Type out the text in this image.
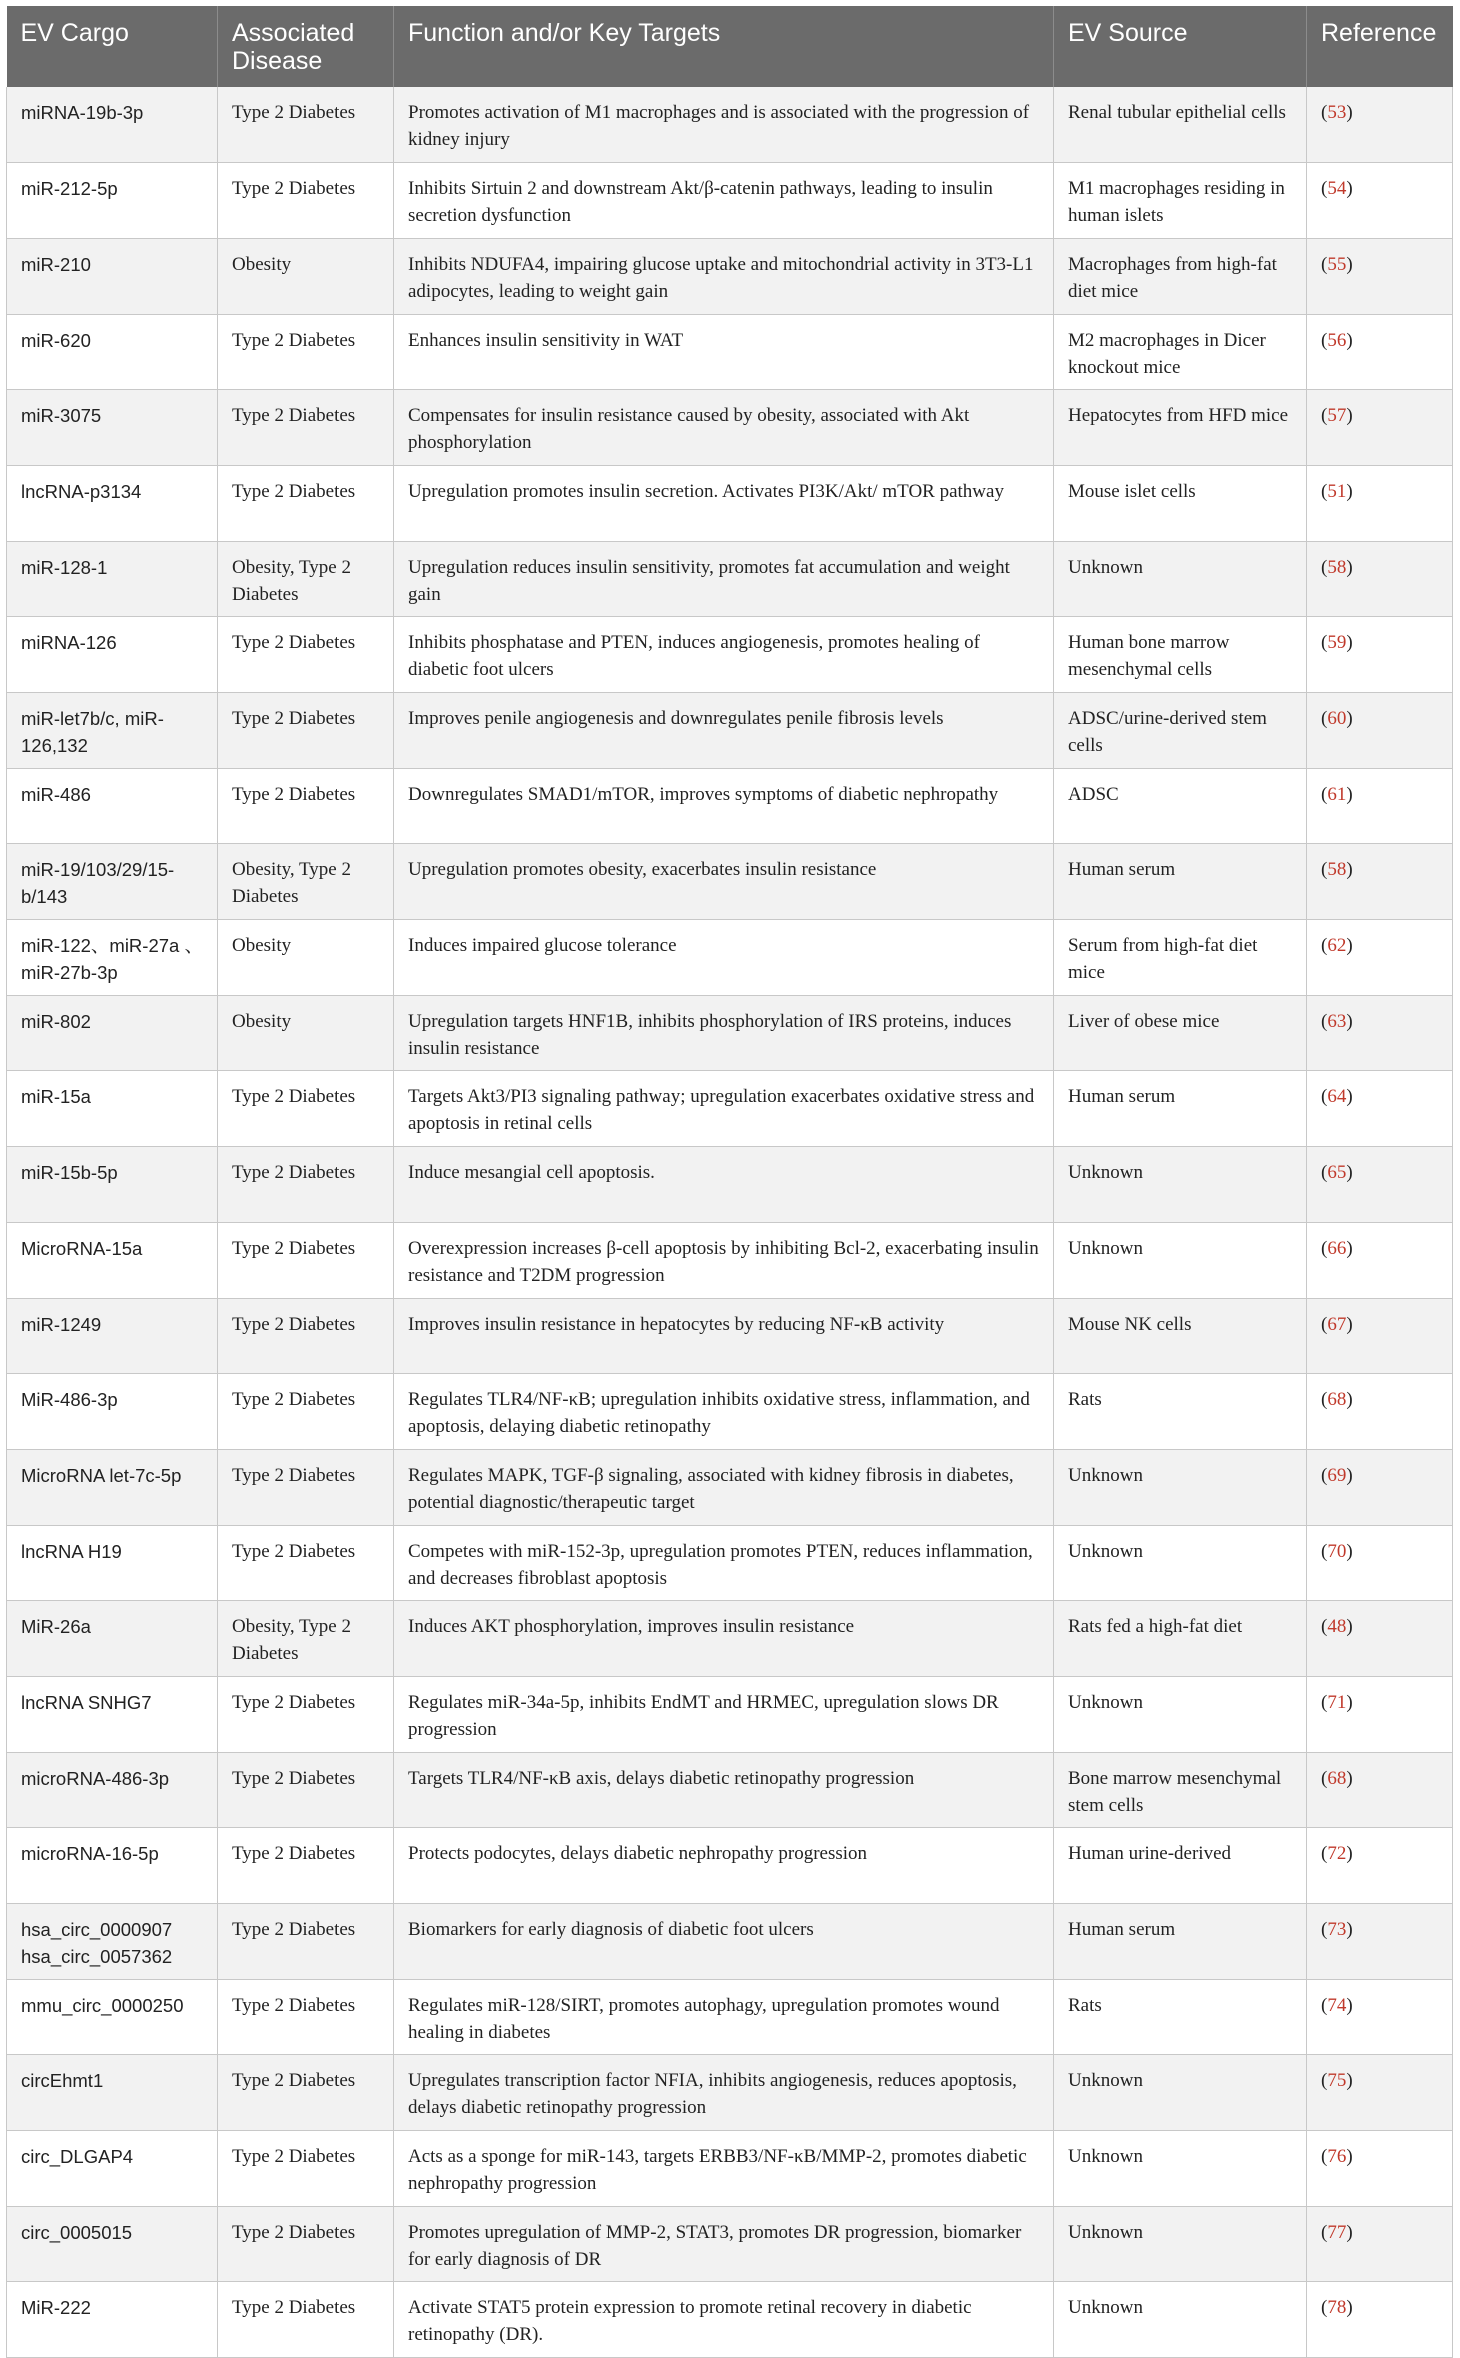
EV Cargo	Associated Disease	Function and/or Key Targets	EV Source	Reference
miRNA-19b-3p	Type 2 Diabetes	Promotes activation of M1 macrophages and is associated with the progression of kidney injury	Renal tubular epithelial cells	(53)
miR-212-5p	Type 2 Diabetes	Inhibits Sirtuin 2 and downstream Akt/β-catenin pathways, leading to insulin secretion dysfunction	M1 macrophages residing in human islets	(54)
miR-210	Obesity	Inhibits NDUFA4, impairing glucose uptake and mitochondrial activity in 3T3-L1 adipocytes, leading to weight gain	Macrophages from high-fat diet mice	(55)
miR-620	Type 2 Diabetes	Enhances insulin sensitivity in WAT	M2 macrophages in Dicer knockout mice	(56)
miR-3075	Type 2 Diabetes	Compensates for insulin resistance caused by obesity, associated with Akt phosphorylation	Hepatocytes from HFD mice	(57)
lncRNA-p3134	Type 2 Diabetes	Upregulation promotes insulin secretion. Activates PI3K/Akt/ mTOR pathway	Mouse islet cells	(51)
miR-128-1	Obesity, Type 2 Diabetes	Upregulation reduces insulin sensitivity, promotes fat accumulation and weight gain	Unknown	(58)
miRNA-126	Type 2 Diabetes	Inhibits phosphatase and PTEN, induces angiogenesis, promotes healing of diabetic foot ulcers	Human bone marrow mesenchymal cells	(59)
miR-let7b/c, miR-126,132	Type 2 Diabetes	Improves penile angiogenesis and downregulates penile fibrosis levels	ADSC/urine-derived stem cells	(60)
miR-486	Type 2 Diabetes	Downregulates SMAD1/mTOR, improves symptoms of diabetic nephropathy	ADSC	(61)
miR-19/103/29/15-b/143	Obesity, Type 2 Diabetes	Upregulation promotes obesity, exacerbates insulin resistance	Human serum	(58)
miR-122、miR-27a 、miR-27b-3p	Obesity	Induces impaired glucose tolerance	Serum from high-fat diet mice	(62)
miR-802	Obesity	Upregulation targets HNF1B, inhibits phosphorylation of IRS proteins, induces insulin resistance	Liver of obese mice	(63)
miR-15a	Type 2 Diabetes	Targets Akt3/PI3 signaling pathway; upregulation exacerbates oxidative stress and apoptosis in retinal cells	Human serum	(64)
miR-15b-5p	Type 2 Diabetes	Induce mesangial cell apoptosis.	Unknown	(65)
MicroRNA-15a	Type 2 Diabetes	Overexpression increases β-cell apoptosis by inhibiting Bcl-2, exacerbating insulin resistance and T2DM progression	Unknown	(66)
miR-1249	Type 2 Diabetes	Improves insulin resistance in hepatocytes by reducing NF-κB activity	Mouse NK cells	(67)
MiR-486-3p	Type 2 Diabetes	Regulates TLR4/NF-κB; upregulation inhibits oxidative stress, inflammation, and apoptosis, delaying diabetic retinopathy	Rats	(68)
MicroRNA let-7c-5p	Type 2 Diabetes	Regulates MAPK, TGF-β signaling, associated with kidney fibrosis in diabetes, potential diagnostic/therapeutic target	Unknown	(69)
lncRNA H19	Type 2 Diabetes	Competes with miR-152-3p, upregulation promotes PTEN, reduces inflammation, and decreases fibroblast apoptosis	Unknown	(70)
MiR-26a	Obesity, Type 2 Diabetes	Induces AKT phosphorylation, improves insulin resistance	Rats fed a high-fat diet	(48)
lncRNA SNHG7	Type 2 Diabetes	Regulates miR-34a-5p, inhibits EndMT and HRMEC, upregulation slows DR progression	Unknown	(71)
microRNA-486-3p	Type 2 Diabetes	Targets TLR4/NF-κB axis, delays diabetic retinopathy progression	Bone marrow mesenchymal stem cells	(68)
microRNA-16-5p	Type 2 Diabetes	Protects podocytes, delays diabetic nephropathy progression	Human urine-derived	(72)
hsa_circ_0000907 hsa_circ_0057362	Type 2 Diabetes	Biomarkers for early diagnosis of diabetic foot ulcers	Human serum	(73)
mmu_circ_0000250	Type 2 Diabetes	Regulates miR-128/SIRT, promotes autophagy, upregulation promotes wound healing in diabetes	Rats	(74)
circEhmt1	Type 2 Diabetes	Upregulates transcription factor NFIA, inhibits angiogenesis, reduces apoptosis, delays diabetic retinopathy progression	Unknown	(75)
circ_DLGAP4	Type 2 Diabetes	Acts as a sponge for miR-143, targets ERBB3/NF-κB/MMP-2, promotes diabetic nephropathy progression	Unknown	(76)
circ_0005015	Type 2 Diabetes	Promotes upregulation of MMP-2, STAT3, promotes DR progression, biomarker for early diagnosis of DR	Unknown	(77)
MiR-222	Type 2 Diabetes	Activate STAT5 protein expression to promote retinal recovery in diabetic retinopathy (DR).	Unknown	(78)
